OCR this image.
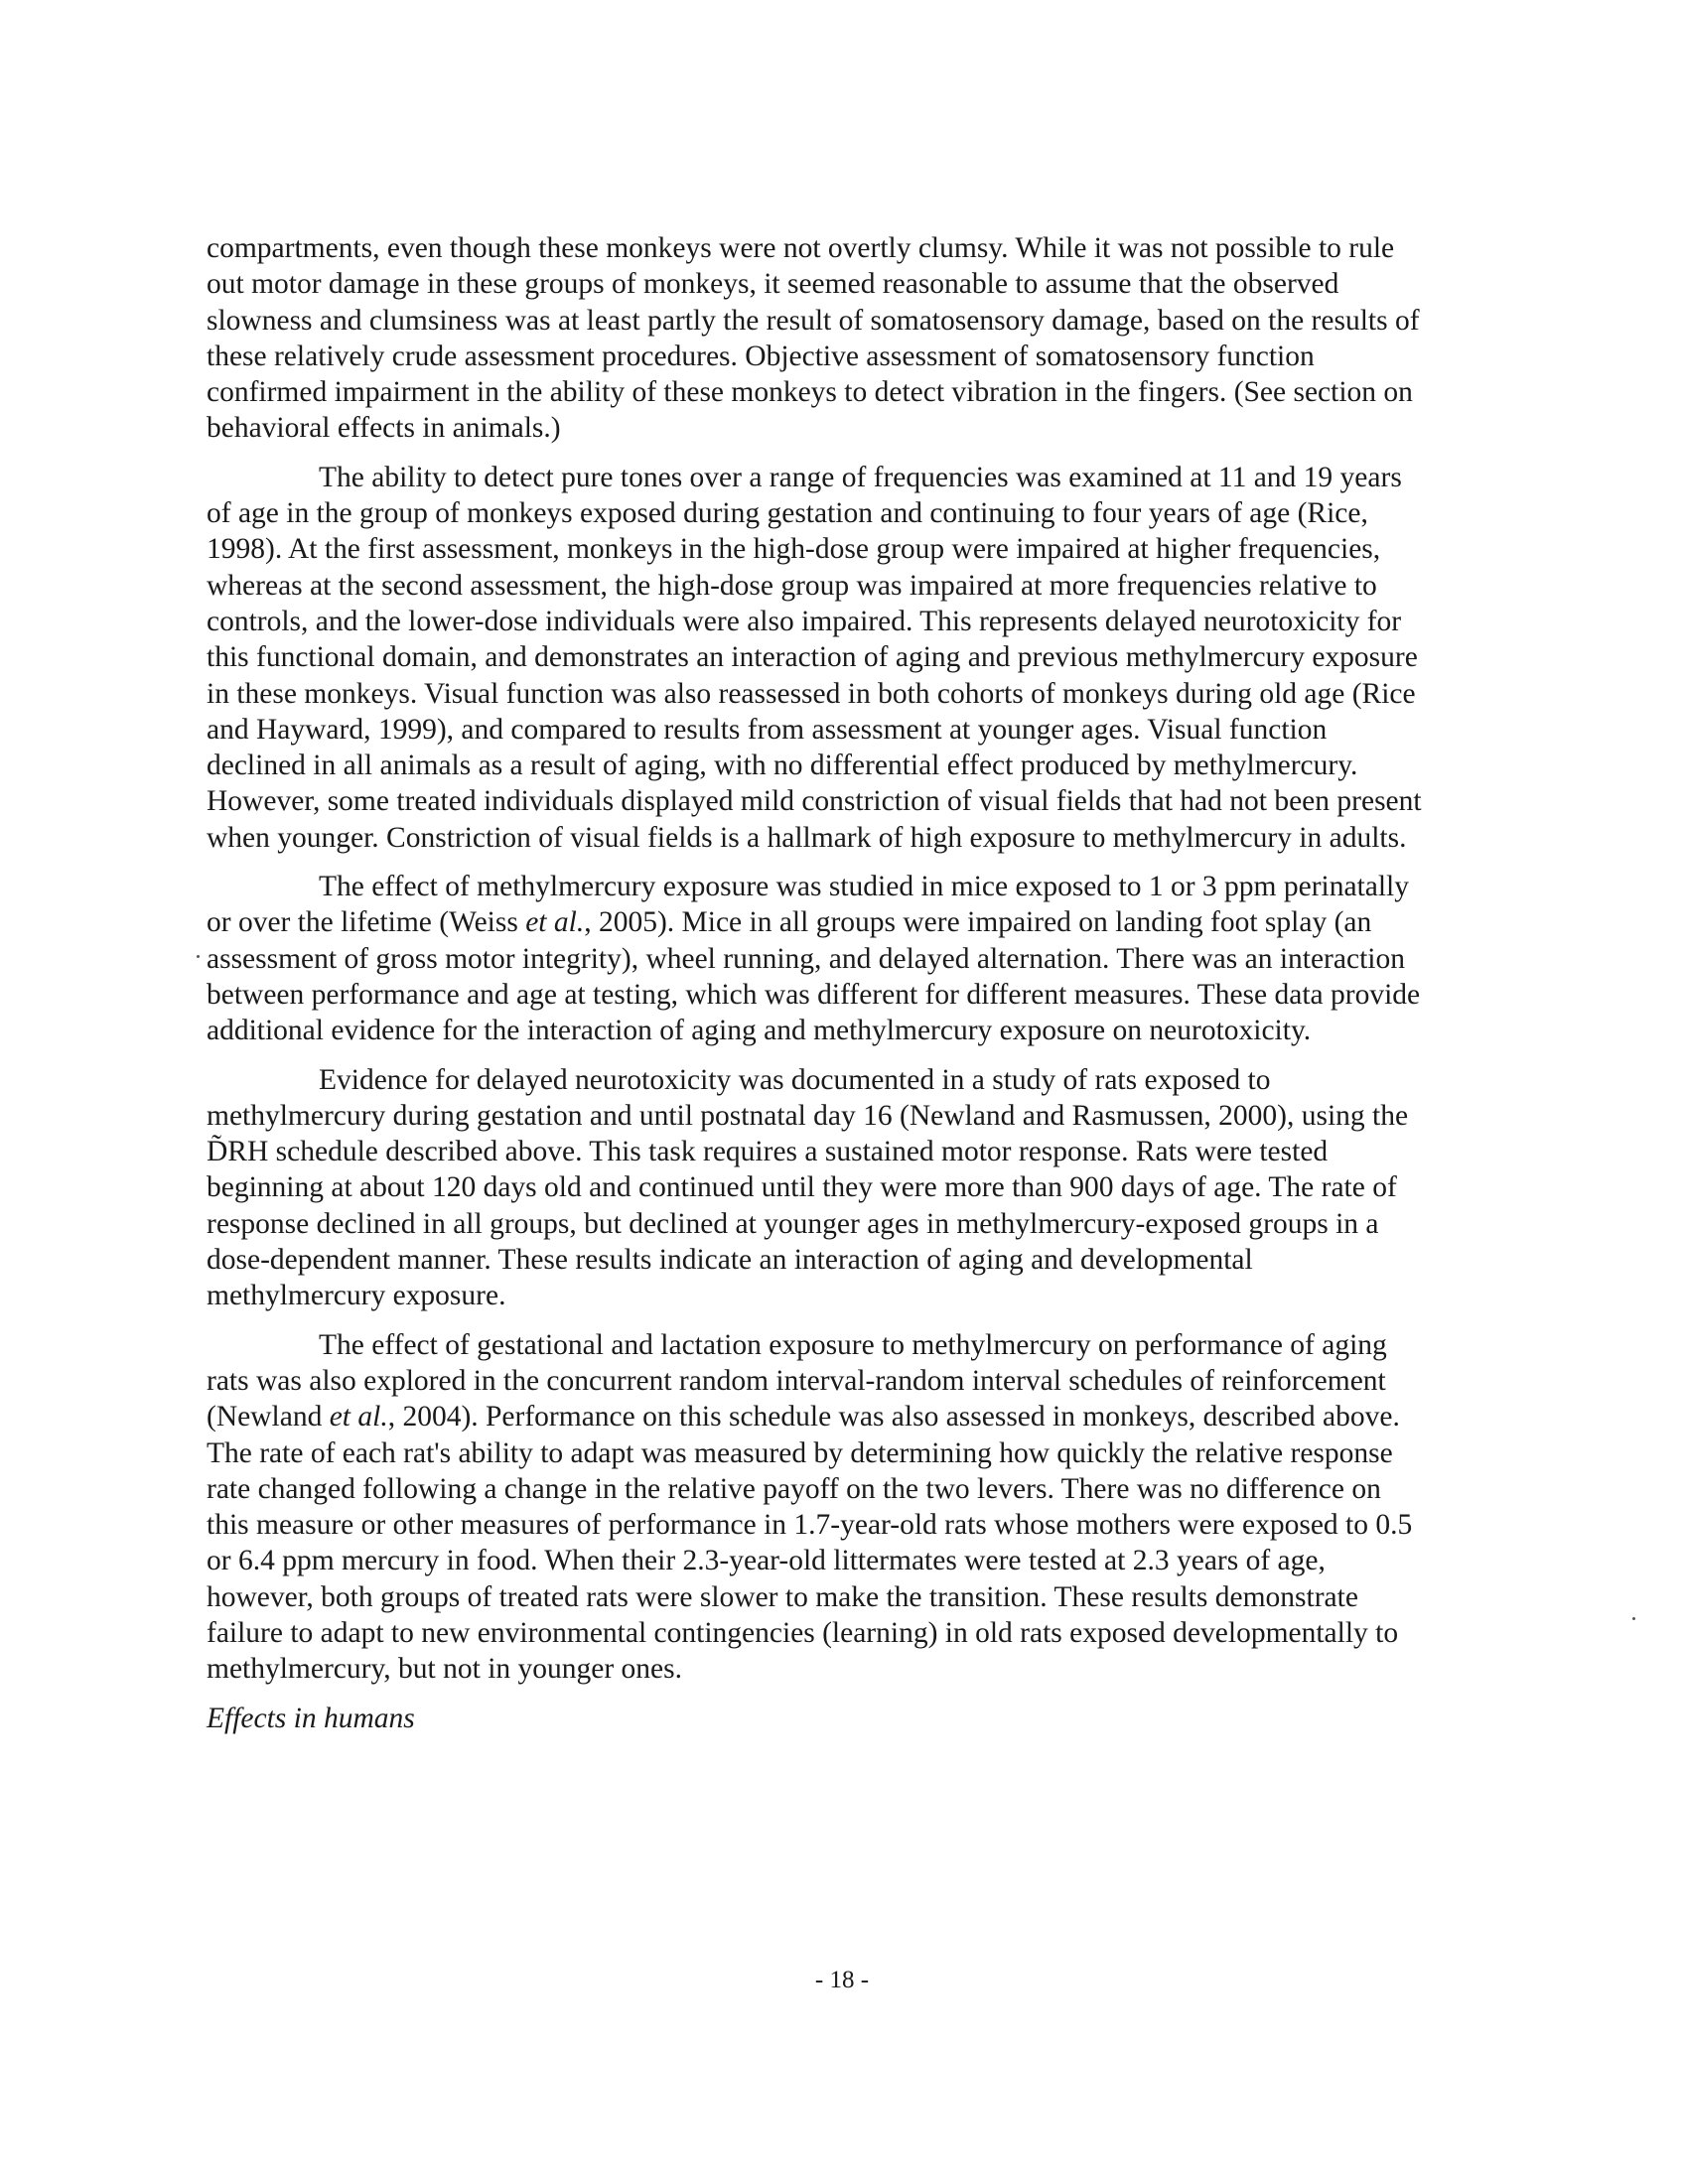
compartments, even though these monkeys were not overtly clumsy. While it was not possible to rule out motor damage in these groups of monkeys, it seemed reasonable to assume that the observed slowness and clumsiness was at least partly the result of somatosensory damage, based on the results of these relatively crude assessment procedures. Objective assessment of somatosensory function confirmed impairment in the ability of these monkeys to detect vibration in the fingers. (See section on behavioral effects in animals.)

The ability to detect pure tones over a range of frequencies was examined at 11 and 19 years of age in the group of monkeys exposed during gestation and continuing to four years of age (Rice, 1998). At the first assessment, monkeys in the high-dose group were impaired at higher frequencies, whereas at the second assessment, the high-dose group was impaired at more frequencies relative to controls, and the lower-dose individuals were also impaired. This represents delayed neurotoxicity for this functional domain, and demonstrates an interaction of aging and previous methylmercury exposure in these monkeys. Visual function was also reassessed in both cohorts of monkeys during old age (Rice and Hayward, 1999), and compared to results from assessment at younger ages. Visual function declined in all animals as a result of aging, with no differential effect produced by methylmercury. However, some treated individuals displayed mild constriction of visual fields that had not been present when younger. Constriction of visual fields is a hallmark of high exposure to methylmercury in adults.

The effect of methylmercury exposure was studied in mice exposed to 1 or 3 ppm perinatally or over the lifetime (Weiss et al., 2005). Mice in all groups were impaired on landing foot splay (an assessment of gross motor integrity), wheel running, and delayed alternation. There was an interaction between performance and age at testing, which was different for different measures. These data provide additional evidence for the interaction of aging and methylmercury exposure on neurotoxicity.

Evidence for delayed neurotoxicity was documented in a study of rats exposed to methylmercury during gestation and until postnatal day 16 (Newland and Rasmussen, 2000), using the D̃RH schedule described above. This task requires a sustained motor response. Rats were tested beginning at about 120 days old and continued until they were more than 900 days of age. The rate of response declined in all groups, but declined at younger ages in methylmercury-exposed groups in a dose-dependent manner. These results indicate an interaction of aging and developmental methylmercury exposure.

The effect of gestational and lactation exposure to methylmercury on performance of aging rats was also explored in the concurrent random interval-random interval schedules of reinforcement (Newland et al., 2004). Performance on this schedule was also assessed in monkeys, described above. The rate of each rat's ability to adapt was measured by determining how quickly the relative response rate changed following a change in the relative payoff on the two levers. There was no difference on this measure or other measures of performance in 1.7-year-old rats whose mothers were exposed to 0.5 or 6.4 ppm mercury in food. When their 2.3-year-old littermates were tested at 2.3 years of age, however, both groups of treated rats were slower to make the transition. These results demonstrate failure to adapt to new environmental contingencies (learning) in old rats exposed developmentally to methylmercury, but not in younger ones.

Effects in humans

- 18 -
